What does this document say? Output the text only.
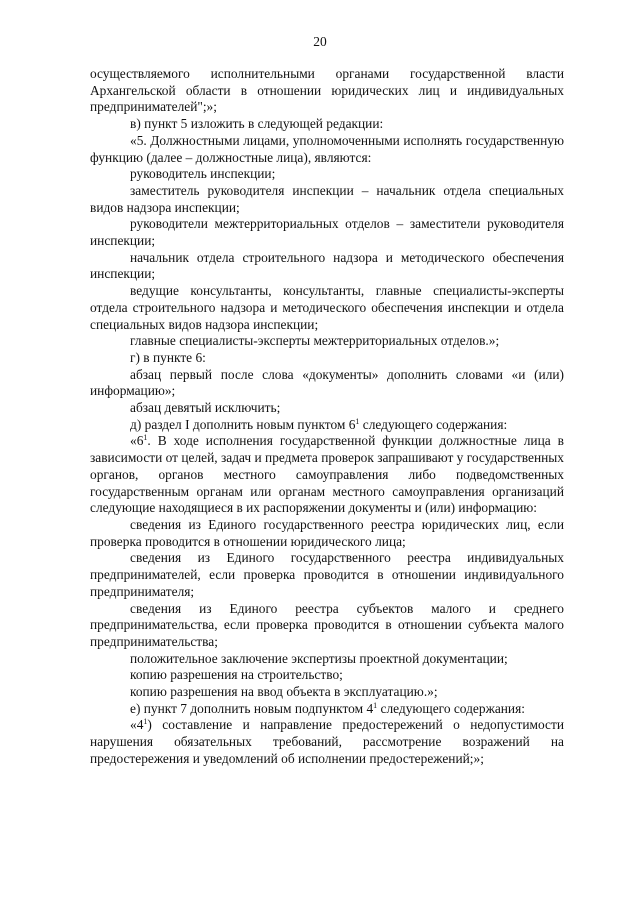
20

осуществляемого исполнительными органами государственной власти Архангельской области в отношении юридических лиц и индивидуальных предпринимателей";»;

в) пункт 5 изложить в следующей редакции:

«5. Должностными лицами, уполномоченными исполнять государственную функцию (далее – должностные лица), являются:

руководитель инспекции;

заместитель руководителя инспекции – начальник отдела специальных видов надзора инспекции;

руководители межтерриториальных отделов – заместители руководителя инспекции;

начальник отдела строительного надзора и методического обеспечения инспекции;

ведущие консультанты, консультанты, главные специалисты-эксперты отдела строительного надзора и методического обеспечения инспекции и отдела специальных видов надзора инспекции;

главные специалисты-эксперты межтерриториальных отделов.»;

г) в пункте 6:

абзац первый после слова «документы» дополнить словами «и (или) информацию»;

абзац девятый исключить;

д) раздел I дополнить новым пунктом $6^1$ следующего содержания:

«$6^1$. В ходе исполнения государственной функции должностные лица в зависимости от целей, задач и предмета проверок запрашивают у государственных органов, органов местного самоуправления либо подведомственных государственным органам или органам местного самоуправления организаций следующие находящиеся в их распоряжении документы и (или) информацию:

сведения из Единого государственного реестра юридических лиц, если проверка проводится в отношении юридического лица;

сведения из Единого государственного реестра индивидуальных предпринимателей, если проверка проводится в отношении индивидуального предпринимателя;

сведения из Единого реестра субъектов малого и среднего предпринимательства, если проверка проводится в отношении субъекта малого предпринимательства;

положительное заключение экспертизы проектной документации;

копию разрешения на строительство;

копию разрешения на ввод объекта в эксплуатацию.»;

е) пункт 7 дополнить новым подпунктом $4^1$ следующего содержания:

«$4^1$) составление и направление предостережений о недопустимости нарушения обязательных требований, рассмотрение возражений на предостережения и уведомлений об исполнении предостережений;»;
